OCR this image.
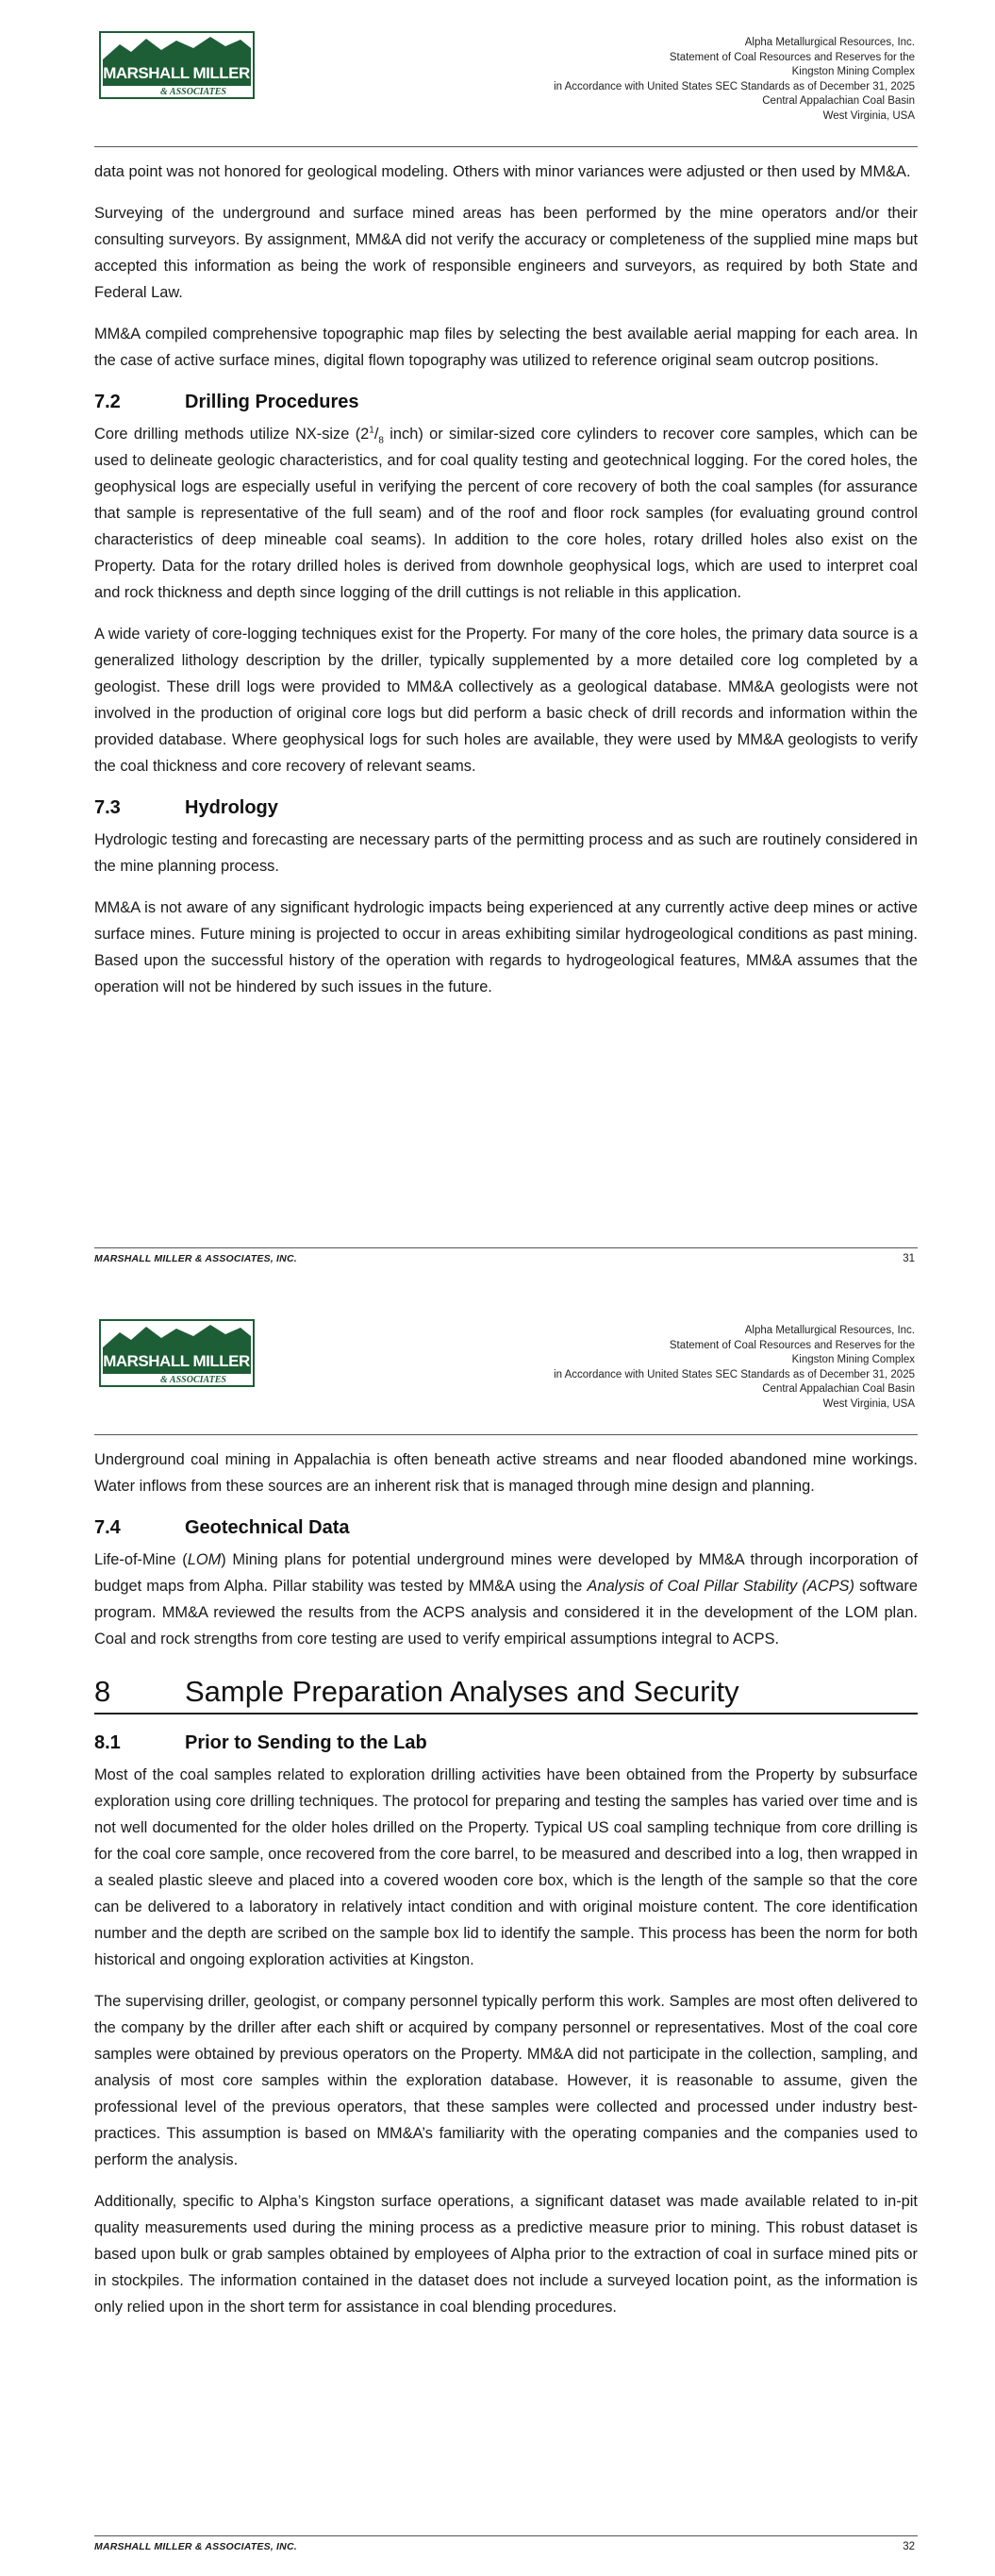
MARSHALL MILLER
& ASSOCIATES
Alpha Metallurgical Resources, Inc.
Statement of Coal Resources and Reserves for the
Kingston Mining Complex
in Accordance with United States SEC Standards as of December 31, 2025
Central Appalachian Coal Basin
West Virginia, USA

data point was not honored for geological modeling. Others with minor variances were adjusted or then used by MM&A.

Surveying of the underground and surface mined areas has been performed by the mine operators and/or their consulting surveyors. By assignment, MM&A did not verify the accuracy or completeness of the supplied mine maps but accepted this information as being the work of responsible engineers and surveyors, as required by both State and Federal Law.

MM&A compiled comprehensive topographic map files by selecting the best available aerial mapping for each area. In the case of active surface mines, digital flown topography was utilized to reference original seam outcrop positions.

7.2	Drilling Procedures

Core drilling methods utilize NX-size ($2^1/_8$ inch) or similar-sized core cylinders to recover core samples, which can be used to delineate geologic characteristics, and for coal quality testing and geotechnical logging. For the cored holes, the geophysical logs are especially useful in verifying the percent of core recovery of both the coal samples (for assurance that sample is representative of the full seam) and of the roof and floor rock samples (for evaluating ground control characteristics of deep mineable coal seams). In addition to the core holes, rotary drilled holes also exist on the Property. Data for the rotary drilled holes is derived from downhole geophysical logs, which are used to interpret coal and rock thickness and depth since logging of the drill cuttings is not reliable in this application.

A wide variety of core-logging techniques exist for the Property. For many of the core holes, the primary data source is a generalized lithology description by the driller, typically supplemented by a more detailed core log completed by a geologist. These drill logs were provided to MM&A collectively as a geological database. MM&A geologists were not involved in the production of original core logs but did perform a basic check of drill records and information within the provided database. Where geophysical logs for such holes are available, they were used by MM&A geologists to verify the coal thickness and core recovery of relevant seams.

7.3	Hydrology

Hydrologic testing and forecasting are necessary parts of the permitting process and as such are routinely considered in the mine planning process.

MM&A is not aware of any significant hydrologic impacts being experienced at any currently active deep mines or active surface mines. Future mining is projected to occur in areas exhibiting similar hydrogeological conditions as past mining. Based upon the successful history of the operation with regards to hydrogeological features, MM&A assumes that the operation will not be hindered by such issues in the future.

MARSHALL MILLER & ASSOCIATES, INC.	31
MARSHALL MILLER
& ASSOCIATES
Alpha Metallurgical Resources, Inc.
Statement of Coal Resources and Reserves for the
Kingston Mining Complex
in Accordance with United States SEC Standards as of December 31, 2025
Central Appalachian Coal Basin
West Virginia, USA

Underground coal mining in Appalachia is often beneath active streams and near flooded abandoned mine workings. Water inflows from these sources are an inherent risk that is managed through mine design and planning.

7.4	Geotechnical Data

Life-of-Mine (LOM) Mining plans for potential underground mines were developed by MM&A through incorporation of budget maps from Alpha. Pillar stability was tested by MM&A using the Analysis of Coal Pillar Stability (ACPS) software program. MM&A reviewed the results from the ACPS analysis and considered it in the development of the LOM plan. Coal and rock strengths from core testing are used to verify empirical assumptions integral to ACPS.

8	Sample Preparation Analyses and Security
8.1	Prior to Sending to the Lab

Most of the coal samples related to exploration drilling activities have been obtained from the Property by subsurface exploration using core drilling techniques. The protocol for preparing and testing the samples has varied over time and is not well documented for the older holes drilled on the Property. Typical US coal sampling technique from core drilling is for the coal core sample, once recovered from the core barrel, to be measured and described into a log, then wrapped in a sealed plastic sleeve and placed into a covered wooden core box, which is the length of the sample so that the core can be delivered to a laboratory in relatively intact condition and with original moisture content. The core identification number and the depth are scribed on the sample box lid to identify the sample. This process has been the norm for both historical and ongoing exploration activities at Kingston.

The supervising driller, geologist, or company personnel typically perform this work. Samples are most often delivered to the company by the driller after each shift or acquired by company personnel or representatives. Most of the coal core samples were obtained by previous operators on the Property. MM&A did not participate in the collection, sampling, and analysis of most core samples within the exploration database. However, it is reasonable to assume, given the professional level of the previous operators, that these samples were collected and processed under industry best-practices. This assumption is based on MM&A’s familiarity with the operating companies and the companies used to perform the analysis.

Additionally, specific to Alpha’s Kingston surface operations, a significant dataset was made available related to in-pit quality measurements used during the mining process as a predictive measure prior to mining. This robust dataset is based upon bulk or grab samples obtained by employees of Alpha prior to the extraction of coal in surface mined pits or in stockpiles. The information contained in the dataset does not include a surveyed location point, as the information is only relied upon in the short term for assistance in coal blending procedures.

MARSHALL MILLER & ASSOCIATES, INC.	32
